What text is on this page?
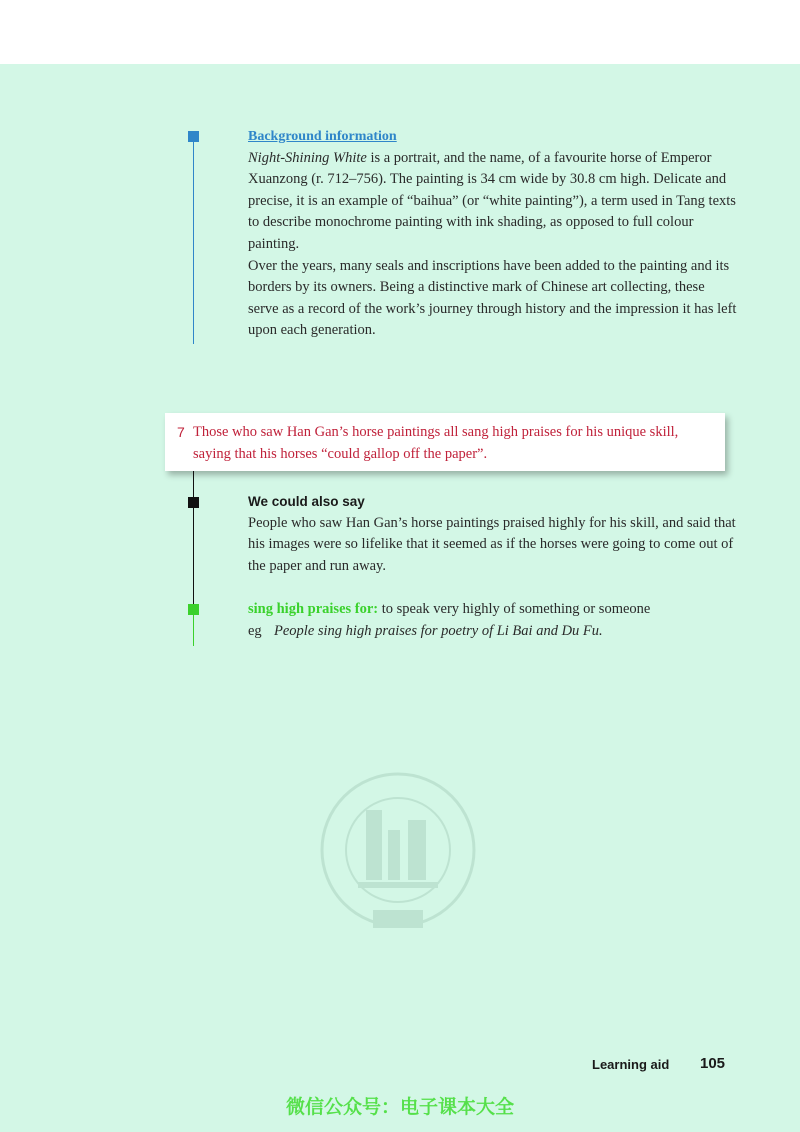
Background information

Night-Shining White is a portrait, and the name, of a favourite horse of Emperor Xuanzong (r. 712–756). The painting is 34 cm wide by 30.8 cm high. Delicate and precise, it is an example of “baihua” (or “white painting”), a term used in Tang texts to describe monochrome painting with ink shading, as opposed to full colour painting.

Over the years, many seals and inscriptions have been added to the painting and its borders by its owners. Being a distinctive mark of Chinese art collecting, these serve as a record of the work’s journey through history and the impression it has left upon each generation.

7 Those who saw Han Gan’s horse paintings all sang high praises for his unique skill, saying that his horses “could gallop off the paper”.
We could also say

People who saw Han Gan’s horse paintings praised highly for his skill, and said that his images were so lifelike that it seemed as if the horses were going to come out of the paper and run away.

sing high praises for: to speak very highly of something or someone

eg People sing high praises for poetry of Li Bai and Du Fu.

Learning aid 105
微信公众号：电子课本大全
